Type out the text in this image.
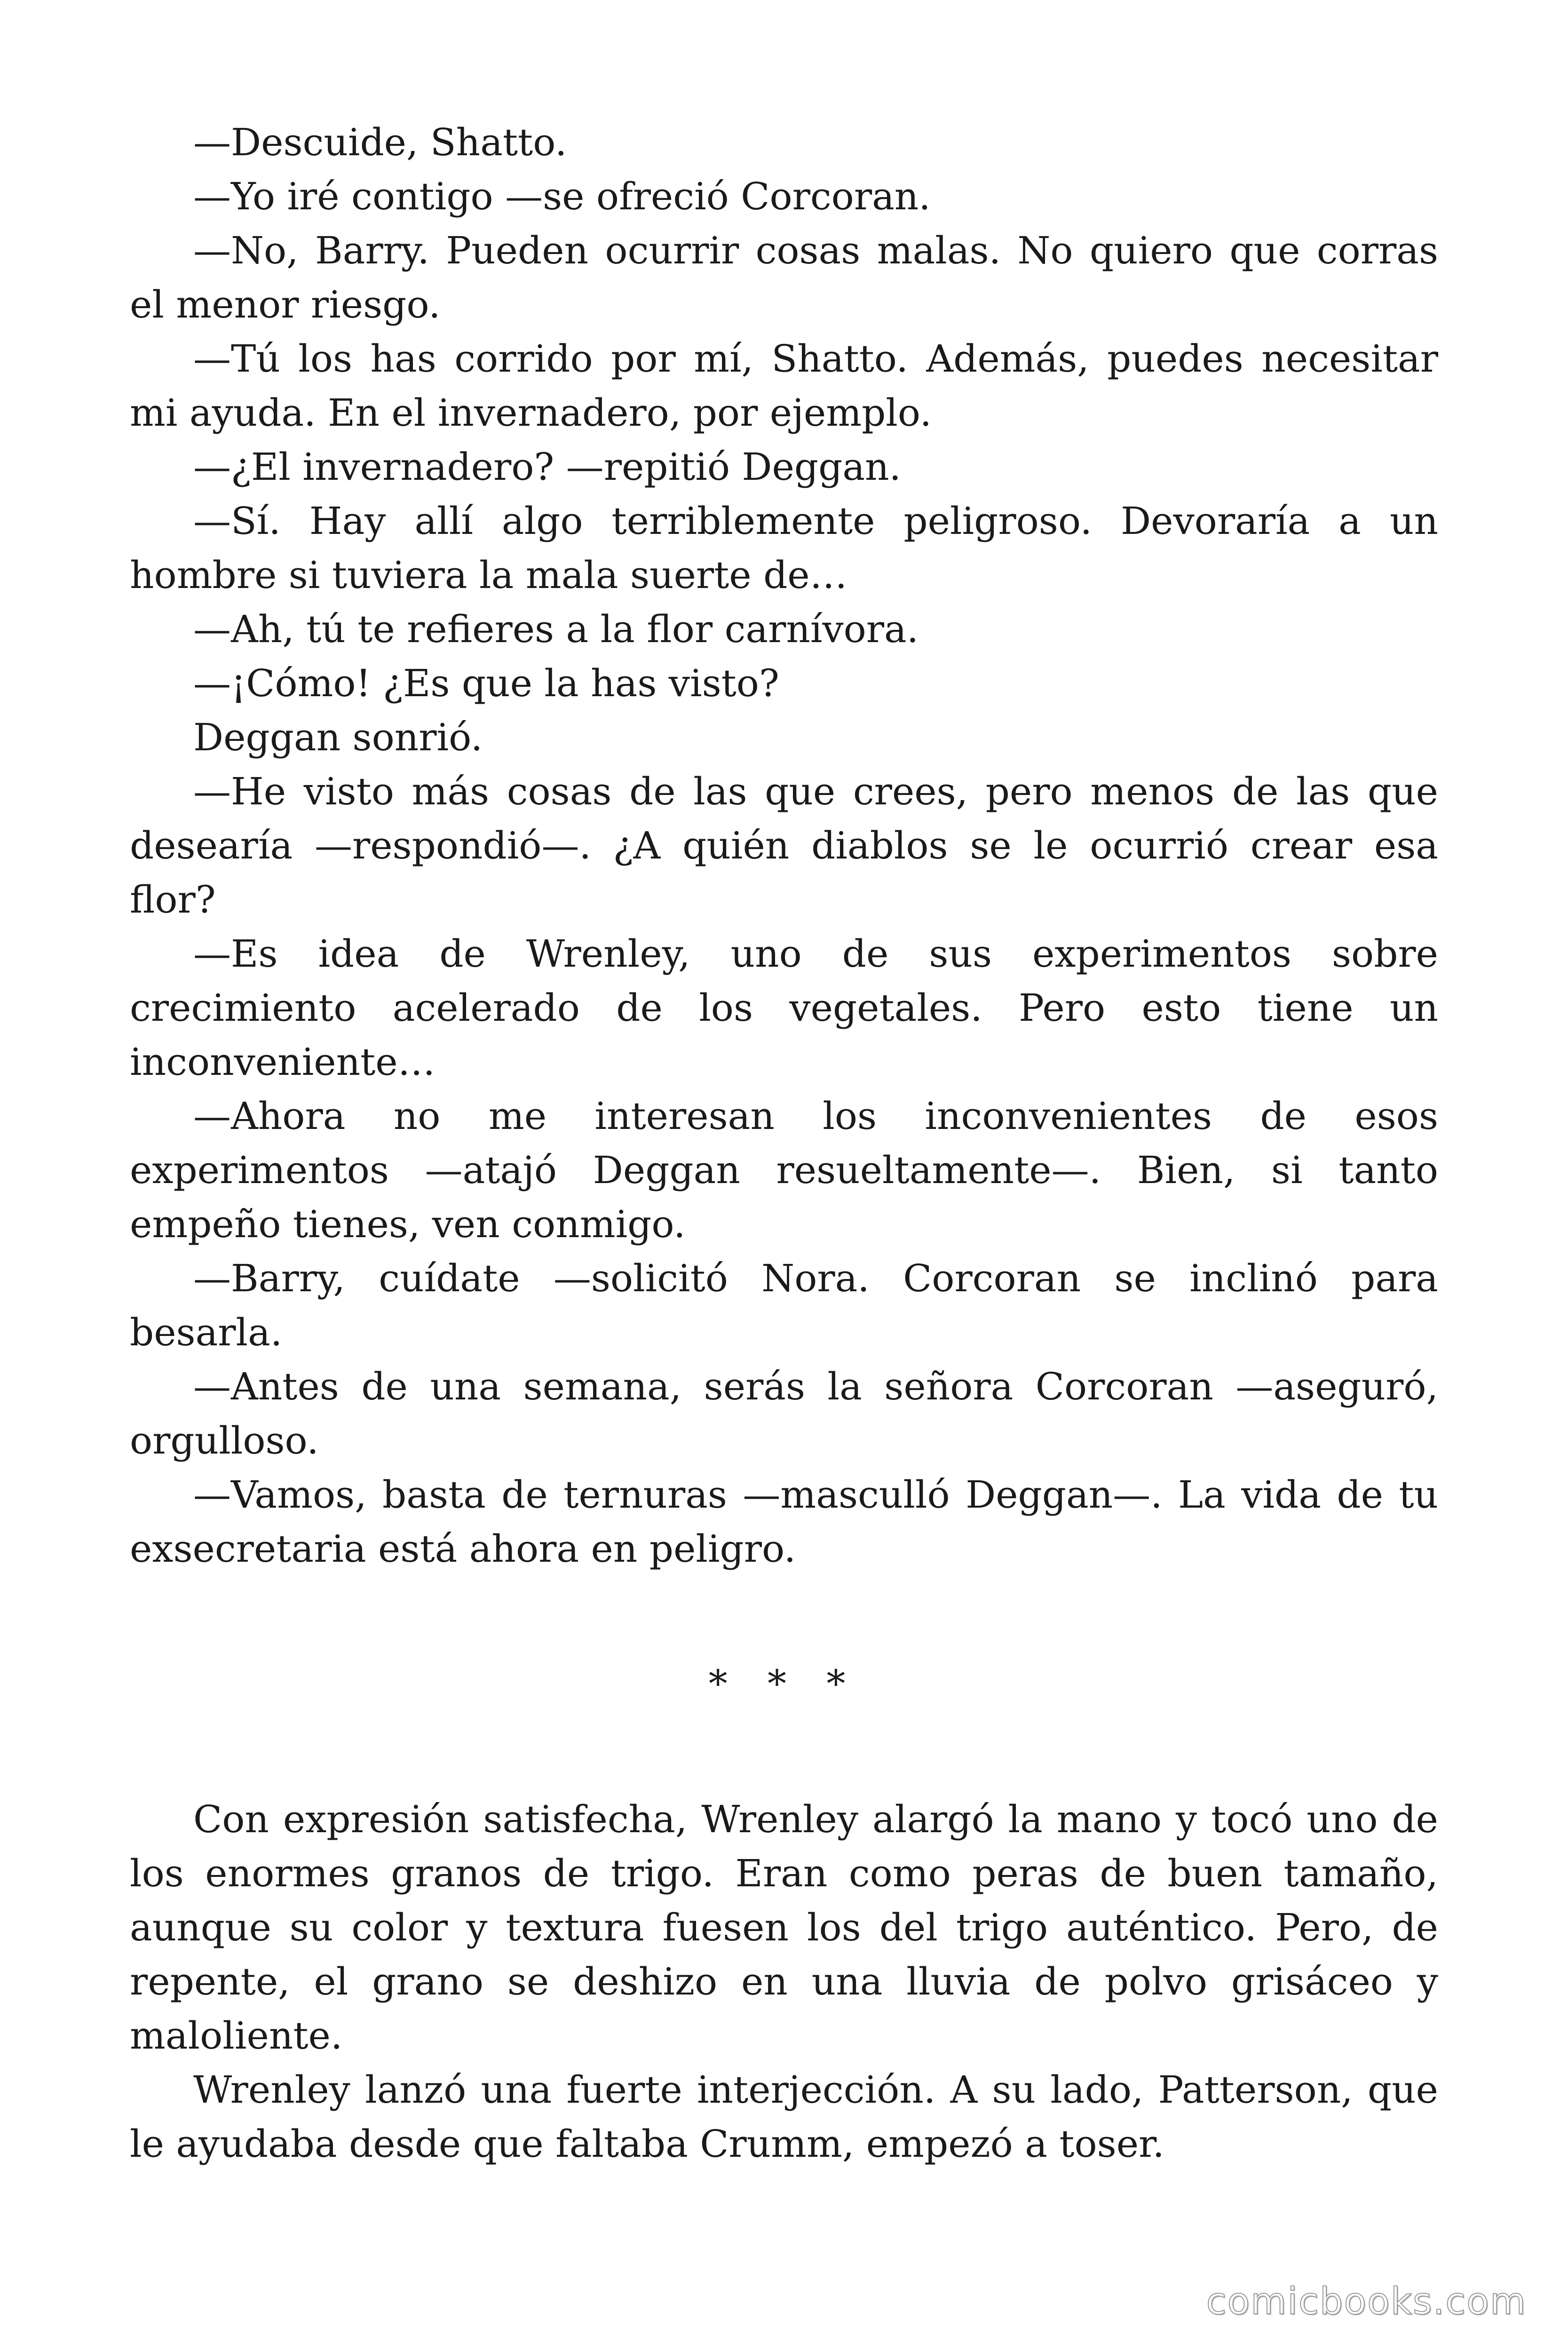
—Descuide, Shatto.

—Yo iré contigo —se ofreció Corcoran.

—No, Barry. Pueden ocurrir cosas malas. No quiero que corras el menor riesgo.

—Tú los has corrido por mí, Shatto. Además, puedes necesitar mi ayuda. En el invernadero, por ejemplo.

—¿El invernadero? —repitió Deggan.

—Sí. Hay allí algo terriblemente peligroso. Devoraría a un hombre si tuviera la mala suerte de…

—Ah, tú te refieres a la flor carnívora.

—¡Cómo! ¿Es que la has visto?

Deggan sonrió.

—He visto más cosas de las que crees, pero menos de las que desearía —respondió—. ¿A quién diablos se le ocurrió crear esa flor?

—Es idea de Wrenley, uno de sus experimentos sobre crecimiento acelerado de los vegetales. Pero esto tiene un inconveniente…

—Ahora no me interesan los inconvenientes de esos experimentos —atajó Deggan resueltamente—. Bien, si tanto empeño tienes, ven conmigo.

—Barry, cuídate —solicitó Nora. Corcoran se inclinó para besarla.

—Antes de una semana, serás la señora Corcoran —aseguró, orgulloso.

—Vamos, basta de ternuras —masculló Deggan—. La vida de tu exsecretaria está ahora en peligro.

* * *

Con expresión satisfecha, Wrenley alargó la mano y tocó uno de los enormes granos de trigo. Eran como peras de buen tamaño, aunque su color y textura fuesen los del trigo auténtico. Pero, de repente, el grano se deshizo en una lluvia de polvo grisáceo y maloliente.

Wrenley lanzó una fuerte interjección. A su lado, Patterson, que le ayudaba desde que faltaba Crumm, empezó a toser.

comicbooks.com
